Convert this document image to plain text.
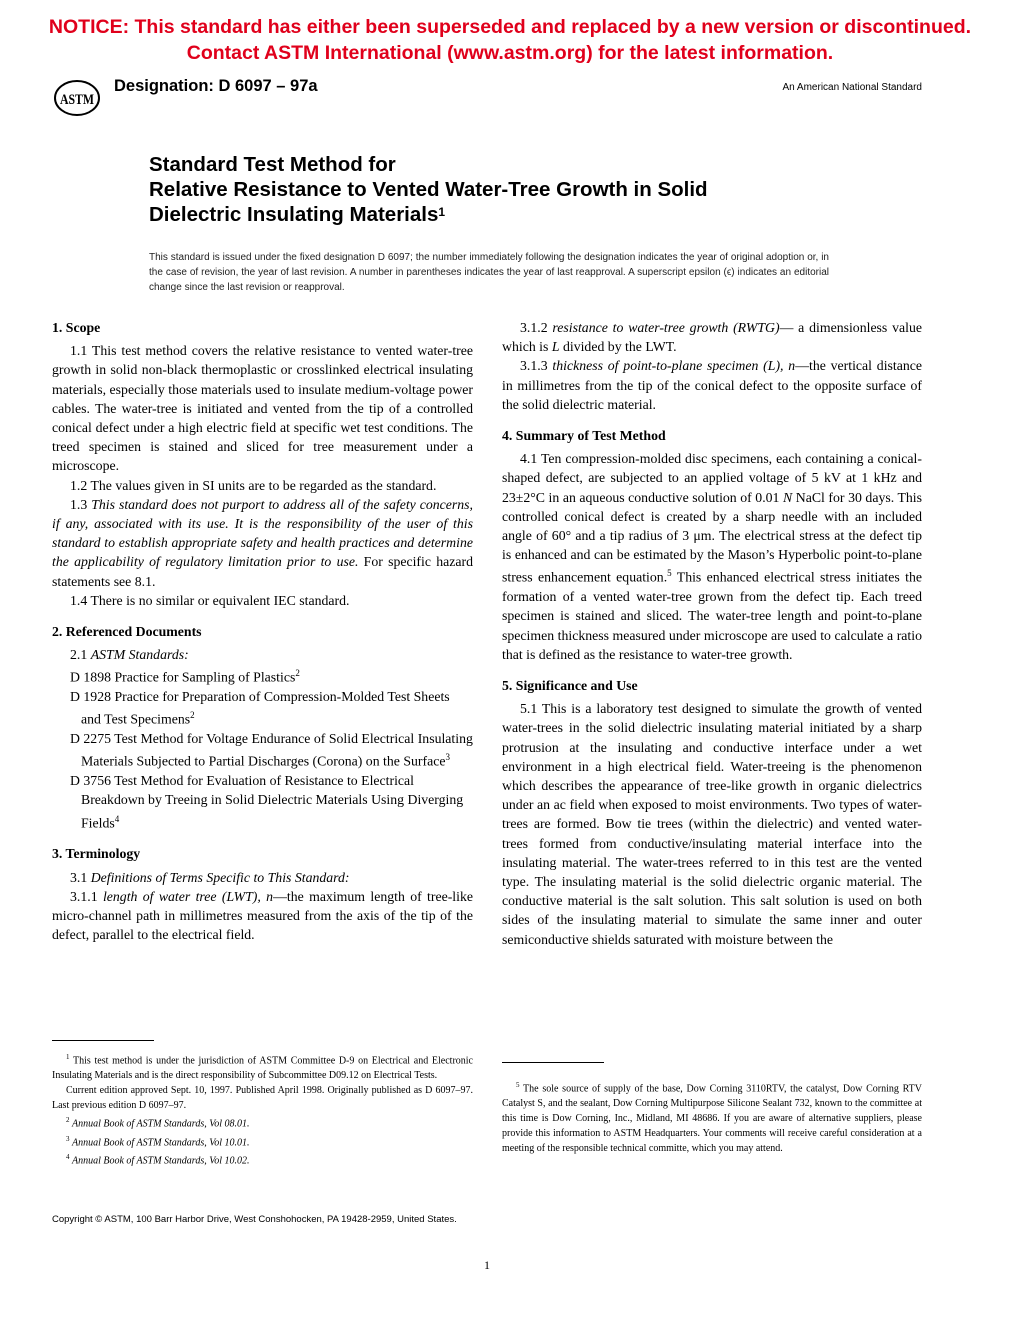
NOTICE: This standard has either been superseded and replaced by a new version or discontinued.
Contact ASTM International (www.astm.org) for the latest information.
ASTM
Designation: D 6097 – 97a	An American National Standard
Standard Test Method for
Relative Resistance to Vented Water-Tree Growth in Solid
Dielectric Insulating Materials$^1$
This standard is issued under the fixed designation D 6097; the number immediately following the designation indicates the year of original adoption or, in the case of revision, the year of last revision. A number in parentheses indicates the year of last reapproval. A superscript epsilon (ϵ) indicates an editorial change since the last revision or reapproval.

1. Scope

1.1 This test method covers the relative resistance to vented water-tree growth in solid non-black thermoplastic or crosslinked electrical insulating materials, especially those materials used to insulate medium-voltage power cables. The water-tree is initiated and vented from the tip of a controlled conical defect under a high electric field at specific wet test conditions. The treed specimen is stained and sliced for tree measurement under a microscope.

1.2 The values given in SI units are to be regarded as the standard.

1.3 This standard does not purport to address all of the safety concerns, if any, associated with its use. It is the responsibility of the user of this standard to establish appropriate safety and health practices and determine the applicability of regulatory limitation prior to use. For specific hazard statements see 8.1.

1.4 There is no similar or equivalent IEC standard.

2. Referenced Documents

2.1 ASTM Standards:

D 1898 Practice for Sampling of Plastics$^2$

D 1928 Practice for Preparation of Compression-Molded Test Sheets and Test Specimens$^2$

D 2275 Test Method for Voltage Endurance of Solid Electrical Insulating Materials Subjected to Partial Discharges (Corona) on the Surface$^3$

D 3756 Test Method for Evaluation of Resistance to Electrical Breakdown by Treeing in Solid Dielectric Materials Using Diverging Fields$^4$

3. Terminology

3.1 Definitions of Terms Specific to This Standard:

3.1.1 length of water tree (LWT), n—the maximum length of tree-like micro-channel path in millimetres measured from the axis of the tip of the defect, parallel to the electrical field.

3.1.2 resistance to water-tree growth (RWTG)— a dimensionless value which is L divided by the LWT.

3.1.3 thickness of point-to-plane specimen (L), n—the vertical distance in millimetres from the tip of the conical defect to the opposite surface of the solid dielectric material.

4. Summary of Test Method

4.1 Ten compression-molded disc specimens, each containing a conical-shaped defect, are subjected to an applied voltage of 5 kV at 1 kHz and 23±2°C in an aqueous conductive solution of 0.01 N NaCl for 30 days. This controlled conical defect is created by a sharp needle with an included angle of 60° and a tip radius of 3 μm. The electrical stress at the defect tip is enhanced and can be estimated by the Mason’s Hyperbolic point-to-plane stress enhancement equation.$^5$ This enhanced electrical stress initiates the formation of a vented water-tree grown from the defect tip. Each treed specimen is stained and sliced. The water-tree length and point-to-plane specimen thickness measured under microscope are used to calculate a ratio that is defined as the resistance to water-tree growth.

5. Significance and Use

5.1 This is a laboratory test designed to simulate the growth of vented water-trees in the solid dielectric insulating material initiated by a sharp protrusion at the insulating and conductive interface under a wet environment in a high electrical field. Water-treeing is the phenomenon which describes the appearance of tree-like growth in organic dielectrics under an ac field when exposed to moist environments. Two types of water-trees are formed. Bow tie trees (within the dielectric) and vented water-trees formed from conductive/insulating material interface into the insulating material. The water-trees referred to in this test are the vented type. The insulating material is the solid dielectric organic material. The conductive material is the salt solution. This salt solution is used on both sides of the insulating material to simulate the same inner and outer semiconductive shields saturated with moisture between the

$^1$ This test method is under the jurisdiction of ASTM Committee D-9 on Electrical and Electronic Insulating Materials and is the direct responsibility of Subcommittee D09.12 on Electrical Tests.

Current edition approved Sept. 10, 1997. Published April 1998. Originally published as D 6097–97. Last previous edition D 6097–97.

$^2$ Annual Book of ASTM Standards, Vol 08.01.

$^3$ Annual Book of ASTM Standards, Vol 10.01.

$^4$ Annual Book of ASTM Standards, Vol 10.02.

$^5$ The sole source of supply of the base, Dow Corning 3110RTV, the catalyst, Dow Corning RTV Catalyst S, and the sealant, Dow Corning Multipurpose Silicone Sealant 732, known to the committee at this time is Dow Corning, Inc., Midland, MI 48686. If you are aware of alternative suppliers, please provide this information to ASTM Headquarters. Your comments will receive careful consideration at a meeting of the responsible technical committe, which you may attend.

Copyright © ASTM, 100 Barr Harbor Drive, West Conshohocken, PA 19428-2959, United States.
1
